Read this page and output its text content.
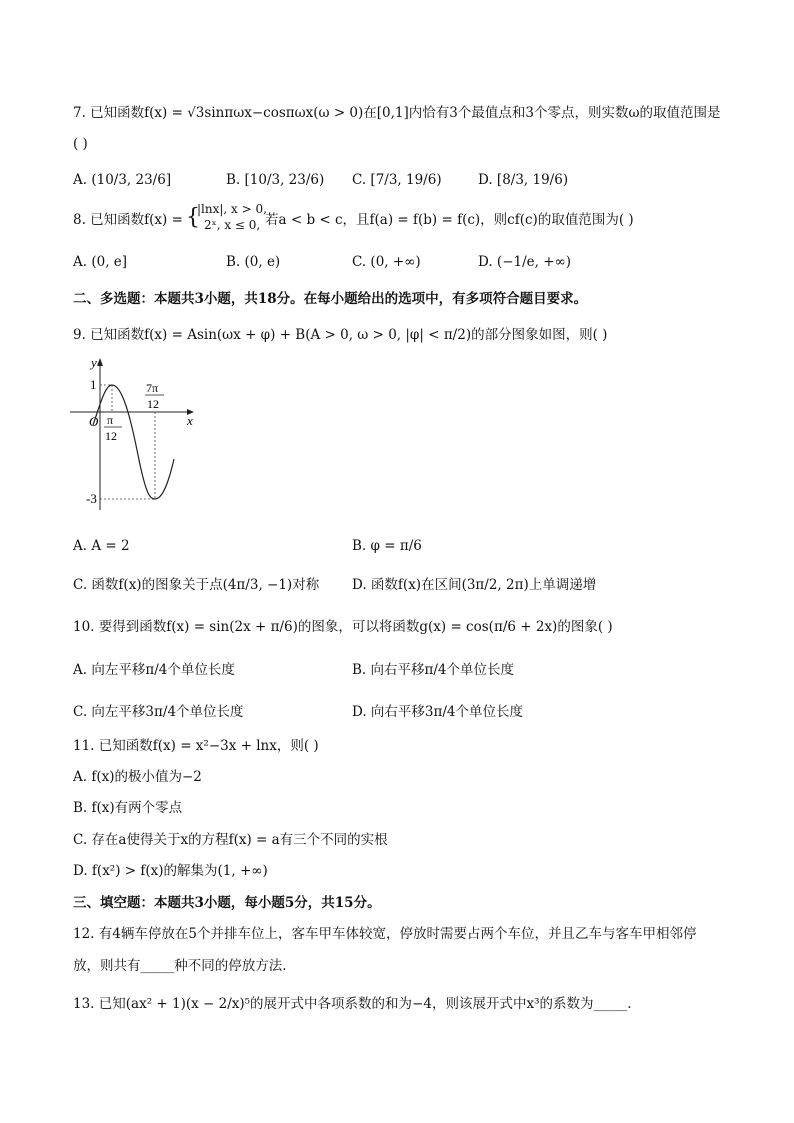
7. 已知函数f(x) = √3sinπωx−cosπωx(ω > 0)在[0,1]内恰有3个最值点和3个零点，则实数ω的取值范围是
( )
A. (10/3, 23/6]	B. [10/3, 23/6) C. [7/3, 19/6)	D. [8/3, 19/6)
8. 已知函数f(x) = {
|lnx|, x > 0,
2ˣ, x ≤ 0, 若a < b < c，且f(a) = f(b) = f(c)，则cf(c)的取值范围为( )
A. (0, e]	B. (0, e)	C. (0, +∞)	D. (−1/e, +∞)
二、多选题：本题共3小题，共18分。在每小题给出的选项中，有多项符合题目要求。
9. 已知函数f(x) = Asin(ωx + φ) + B(A > 0, ω > 0, |φ| < π/2)的部分图象如图，则( )
y
x
O
1
-3
π
12
7π
12
A. A = 2	B. φ = π/6
C. 函数f(x)的图象关于点(4π/3, −1)对称 D. 函数f(x)在区间(3π/2, 2π)上单调递增
10. 要得到函数f(x) = sin(2x + π/6)的图象，可以将函数g(x) = cos(π/6 + 2x)的图象( )
A. 向左平移π/4个单位长度	B. 向右平移π/4个单位长度
C. 向左平移3π/4个单位长度	D. 向右平移3π/4个单位长度
11. 已知函数f(x) = x²−3x + lnx，则( )
A. f(x)的极小值为−2
B. f(x)有两个零点
C. 存在a使得关于x的方程f(x) = a有三个不同的实根
D. f(x²) > f(x)的解集为(1, +∞)
三、填空题：本题共3小题，每小题5分，共15分。
12. 有4辆车停放在5个并排车位上，客车甲车体较宽，停放时需要占两个车位，并且乙车与客车甲相邻停
放，则共有_____种不同的停放方法.
13. 已知(ax² + 1)(x − 2/x)⁵的展开式中各项系数的和为−4，则该展开式中x³的系数为_____.
